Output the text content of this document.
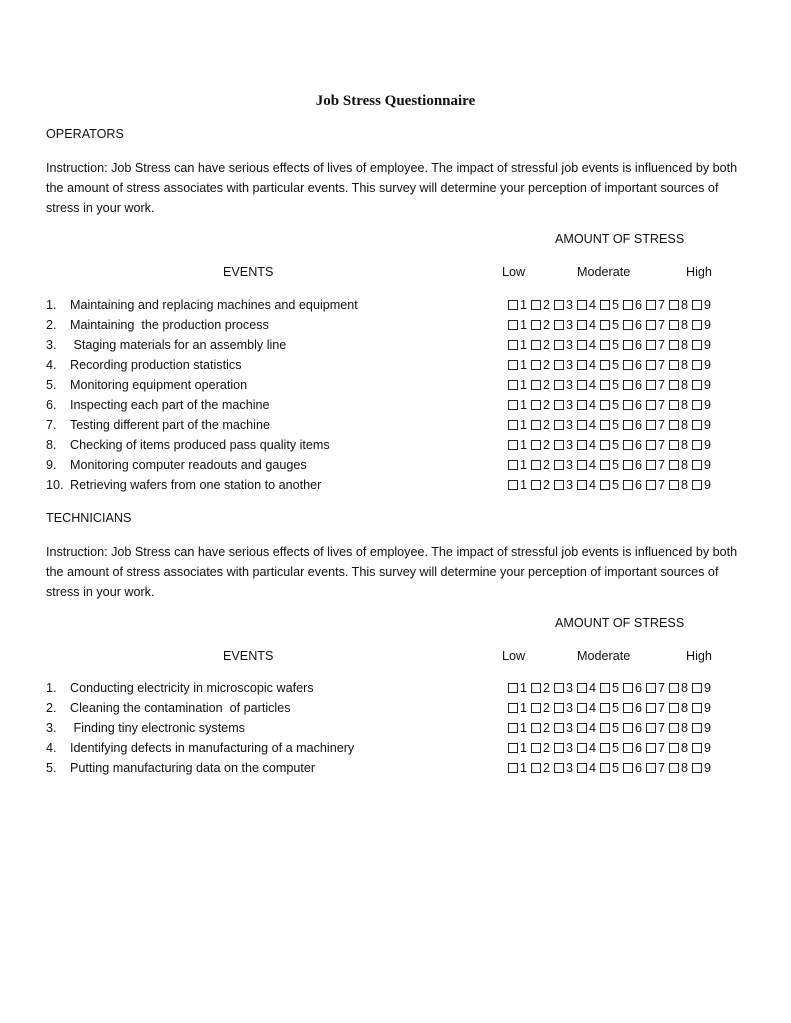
Job Stress Questionnaire
OPERATORS
Instruction: Job Stress can have serious effects of lives of employee. The impact of stressful job events is influenced by both the amount of stress associates with particular events. This survey will determine your perception of important sources of stress in your work.
AMOUNT OF STRESS
EVENTS	Low	Moderate	High
1. Maintaining and replacing machines and equipment	1	2	3	4	5	6	7	8	9
2. Maintaining  the production process	1	2	3	4	5	6	7	8	9
3. Staging materials for an assembly line	1	2	3	4	5	6	7	8	9
4. Recording production statistics	1	2	3	4	5	6	7	8	9
5. Monitoring equipment operation	1	2	3	4	5	6	7	8	9
6. Inspecting each part of the machine	1	2	3	4	5	6	7	8	9
7. Testing different part of the machine	1	2	3	4	5	6	7	8	9
8. Checking of items produced pass quality items	1	2	3	4	5	6	7	8	9
9. Monitoring computer readouts and gauges	1	2	3	4	5	6	7	8	9
10. Retrieving wafers from one station to another	1	2	3	4	5	6	7	8	9
TECHNICIANS
Instruction: Job Stress can have serious effects of lives of employee. The impact of stressful job events is influenced by both the amount of stress associates with particular events. This survey will determine your perception of important sources of stress in your work.
AMOUNT OF STRESS
EVENTS	Low	Moderate	High
1. Conducting electricity in microscopic wafers	1	2	3	4	5	6	7	8	9
2. Cleaning the contamination  of particles	1	2	3	4	5	6	7	8	9
3. Finding tiny electronic systems	1	2	3	4	5	6	7	8	9
4. Identifying defects in manufacturing of a machinery	1	2	3	4	5	6	7	8	9
5. Putting manufacturing data on the computer	1	2	3	4	5	6	7	8	9
